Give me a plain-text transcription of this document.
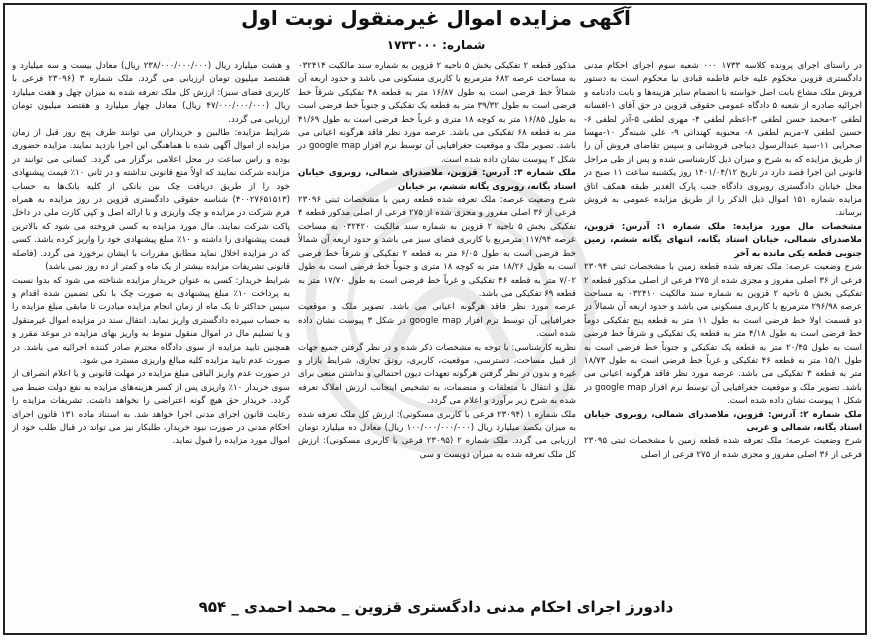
آگهی مزایده اموال غیرمنقول نوبت اول
شماره: ۱۷۳۳۰۰۰

در راستای اجرای پرونده کلاسه ۱۷۳۳ ۰۰۰ شعبه سوم اجرای احکام مدنی دادگستری قزوین محکوم علیه خانم فاطمه قبادی نیا محکوم است به دستور فروش ملک مشاع بابت اصل خواسته با انضمام سایر هزینه‌ها و بابت دادنامه و اجرائیه صادره از شعبه ۵ دادگاه عمومی حقوقی قزوین در حق آقای ۱-افسانه لطفی ۲-محمد حسن لطفی ۳-اعظم لطفی ۴- مهری لطفی ۵-آذر لطفی ۶-حسین لطفی ۷-مریم لطفی ۸- محبوبه کهندانی ۹- علی شینه‌گر ۱۰-مهسا صحرایی ۱۱-سید عبدالرسول دیباجی فروشانی و سپس تقاضای فروش آن را از طریق مزایده که به شرح و میزان ذیل کارشناسی شده و پس از طی مراحل قانونی این اجرا قصد دارد در تاریخ ۱۴۰۱/۰۴/۱۲ روز یکشنبه ساعت ۱۱ صبح در محل خیابان دادگستری روبروی دادگاه جنب پارک الغدیر طبقه همکف اتاق مزایده شماره ۱۵۱ اموال ذیل الذکر را از طریق مزایده عمومی به فروش برساند.

مشخصات مال مورد مزایده: ملک شماره ۱: آدرس: قزوین، ملاصدرای شمالی، خیابان استاد یگانه، انتهای یگانه ششم، زمین جنوبی قطعه یکی مانده به آخر

شرح وضعیت عرصه: ملک تعرفه شده قطعه زمین با مشخصات ثبتی ۲۳۰۹۴ فرعی از ۳۶ اصلی مفروز و مجزی شده از ۲۷۵ فرعی از اصلی مذکور قطعه ۲ تفکیکی بخش ۵ ناحیه ۲ قزوین به شماره سند مالکیت ۰۳۲۴۱۰ به مساحت عرصه ۲۹۶/۹۸ مترمربع با کاربری مسکونی می باشد و حدود اربعه آن شمالاً در دو قسمت اولا خط فرضی است به طول ۱۱ متر به قطعه پنج تفکیکی دوماً خط فرضی است به طول ۴/۱۸ متر به قطعه یک تفکیکی و شرقاً خط فرضی است به طول ۲۰/۴۵ متر به قطعه یک تفکیکی و جنوباً خط فرضی است به طول ۱۵/۱ متر به قطعه ۴۶ تفکیکی و غرباً خط فرضی است به طول ۱۸/۷۳ متر به قطعه ۳ تفکیکی می باشد. عرصه مورد نظر فاقد هرگونه اعیانی می باشد. تصویر ملک و موقعیت جغرافیایی آن توسط نرم افزار google map در شکل ۱ پیوست نشان داده شده است.

ملک شماره ۲: آدرس: قزوین، ملاصدرای شمالی، روبروی خیابان استاد یگانه، شمالی و غربی

شرح وضعیت عرصه: ملک تعرفه شده قطعه زمین با مشخصات ثبتی ۲۳۰۹۵ فرعی از ۳۶ اصلی مفروز و مجزی شده از ۲۷۵ فرعی از اصلی

مذکور قطعه ۲ تفکیکی بخش ۵ ناحیه ۲ قزوین به شماره سند مالکیت ۰۳۲۴۱۴ به مساحت عرصه ۶۸۲ مترمربع با کاربری مسکونی می باشد و حدود اربعه آن شمالاً خط فرضی است به طول ۱۶/۸۷ متر به قطعه ۴۸ تفکیکی شرقاً خط فرضی است به طول ۳۹/۳۲ متر به قطعه یک تفکیکی و جنوباً خط فرضی است به طول ۱۶/۸۵ متر به کوچه ۱۸ متری و غرباً خط فرضی است به طول ۴۱/۶۹ متر به قطعه ۶۸ تفکیکی می باشد. عرصه مورد نظر فاقد هرگونه اعیانی می باشد. تصویر ملک و موقعیت جغرافیایی آن توسط نرم افزار google map در شکل ۲ پیوست نشان داده شده است.

ملک شماره ۳: آدرس: قزوین، ملاصدرای شمالی، روبروی خیابان استاد یگانه، روبروی یگانه ششم، بر خیابان

شرح وضعیت عرصه: ملک تعرفه شده قطعه زمین با مشخصات ثبتی ۲۳۰۹۶ فرعی از ۳۶ اصلی مفروز و مجزی شده از ۲۷۵ فرعی از اصلی مذکور قطعه ۴ تفکیکی بخش ۵ ناحیه ۲ قزوین به شماره سند مالکیت ۰۳۲۴۲۰ به مساحت عرصه ۱۱۷/۹۴ مترمربع با کاربری فضای سبز می باشد و حدود اربعه آن شمالاً خط فرضی است به طول ۶/۰۵ متر به قطعه ۲ تفکیکی و شرقاً خط فرضی است به طول ۱۸/۲۶ متر به کوچه ۱۸ متری و جنوباً خط فرضی است به طول ۷/۰۲ متر به قطعه ۴۶ تفکیکی و غرباً خط فرضی است به طول ۱۷/۷۰ متر به قطعه ۶۹ تفکیکی می باشد.

عرصه مورد نظر فاقد هرگونه اعیانی می باشد. تصویر ملک و موقعیت جغرافیایی آن توسط نرم افزار google map در شکل ۳ پیوست نشان داده شده است.

نظریه کارشناسی: با توجه به مشخصات ذکر شده و در نظر گرفتن جمیع جهات از قبیل مساحت، دسترسی، موقعیت، کاربری، رونق تجاری، شرایط بازار و غیره و بدون در نظر گرفتن هرگونه تعهدات دیون احتمالی و نداشتن منعی برای نقل و انتقال با متعلقات و منضمات، به تشخیص اینجانب ارزش املاک تعرفه شده به شرح زیر برآورد و اعلام می گردد.

ملک شماره ۱ (۲۳۰۹۴ فرعی با کاربری مسکونی): ارزش کل ملک تعرفه شده به میزان یکصد میلیارد ریال (۱۰۰/۰۰۰/۰۰۰/۰۰۰ ریال) معادل ده میلیارد تومان ارزیابی می گردد. ملک شماره ۲ (۲۳۰۹۵ فرعی با کاربری مسکونی): ارزش کل ملک تعرفه شده به میزان دویست و سی

و هشت میلیارد ریال (۲۳۸/۰۰۰/۰۰۰/۰۰۰ ریال) معادل بیست و سه میلیارد و هشتصد میلیون تومان ارزیابی می گردد. ملک شماره ۳ (۲۳۰۹۶ فرعی با کاربری فضای سبز): ارزش کل ملک تعرفه شده به میزان چهل و هفت میلیارد ریال (۴۷/۰۰۰/۰۰۰/۰۰۰ ریال) معادل چهار میلیارد و هفتصد میلیون تومان ارزیابی می گردد.

شرایط مزایده: طالبین و خریداران می توانند ظرف پنج روز قبل از زمان مزایده از اموال آگهی شده با هماهنگی این اجرا بازدید نمایند. مزایده حضوری بوده و راس ساعت در محل اعلامی برگزار می گردد. کسانی می توانند در مزایده شرکت نمایند که اولاً منع قانونی نداشته و در ثانی ۱۰٪ قیمت پیشنهادی خود را از طریق دریافت چک بین بانکی از کلیه بانک‌ها به حساب (۴۰۰۲۷۶۵۱۵۱۳) شناسه حقوقی دادگستری قزوین در روز مزایده به همراه فرم شرکت در مزایده و چک واریزی و یا ارائه اصل و کپی کارت ملی در داخل پاکت شرکت نمایند. مال مورد مزایده به کسی فروخته می شود که بالاترین قیمت پیشنهادی را داشته و ۱۰٪ مبلغ پیشنهادی خود را واریز کرده باشد. کسی که در مزایده اخلال نماید مطابق مقررات با ایشان برخورد می گردد. (فاصله قانونی تشریفات مزایده بیشتر از یک ماه و کمتر از ده روز نمی باشد)

شرایط خریدار: کسی به عنوان خریدار مزایده شناخته می شود که بدوا نسبت به پرداخت ۱۰٪ مبلغ پیشنهادی به صورت چک با نکی تضمین شده اقدام و سپس حداکثر تا یک ماه از زمان انجام مزایده مبادرت تا مابقی مبلغ مزایده را به حساب سپرده دادگستری واریز نماید. انتقال سند در مزایده اموال غیرمنقول و یا تسلیم مال در اموال منقول منوط به واریز بهای مزایده در موعد مقرر و همچنین تایید مزایده از سوی دادگاه محترم صادر کننده اجرائیه می باشد. در صورت عدم تایید مزایده کلیه مبالغ واریزی مسترد می شود.

در صورت عدم واریز الباقی مبلغ مزایده در مهلت قانونی و یا اعلام انصراف از سوی خریدار ۱۰٪ واریزی پس از کسر هزینه‌های مزایده به نفع دولت ضبط می گردد. خریدار حق هیچ گونه اعتراضی را نخواهد داشت. تشریفات مزایده را رعایت قانون اجرای مدنی اجرا خواهد شد. به استناد ماده ۱۳۱ قانون اجرای احکام مدنی در صورت نبود خریدار، طلبکار نیز می تواند در قبال طلب خود از اموال مورد مزایده را قبول نماید.

دادورز اجرای احکام مدنی دادگستری قزوین _ محمد احمدی _ ۹۵۴
